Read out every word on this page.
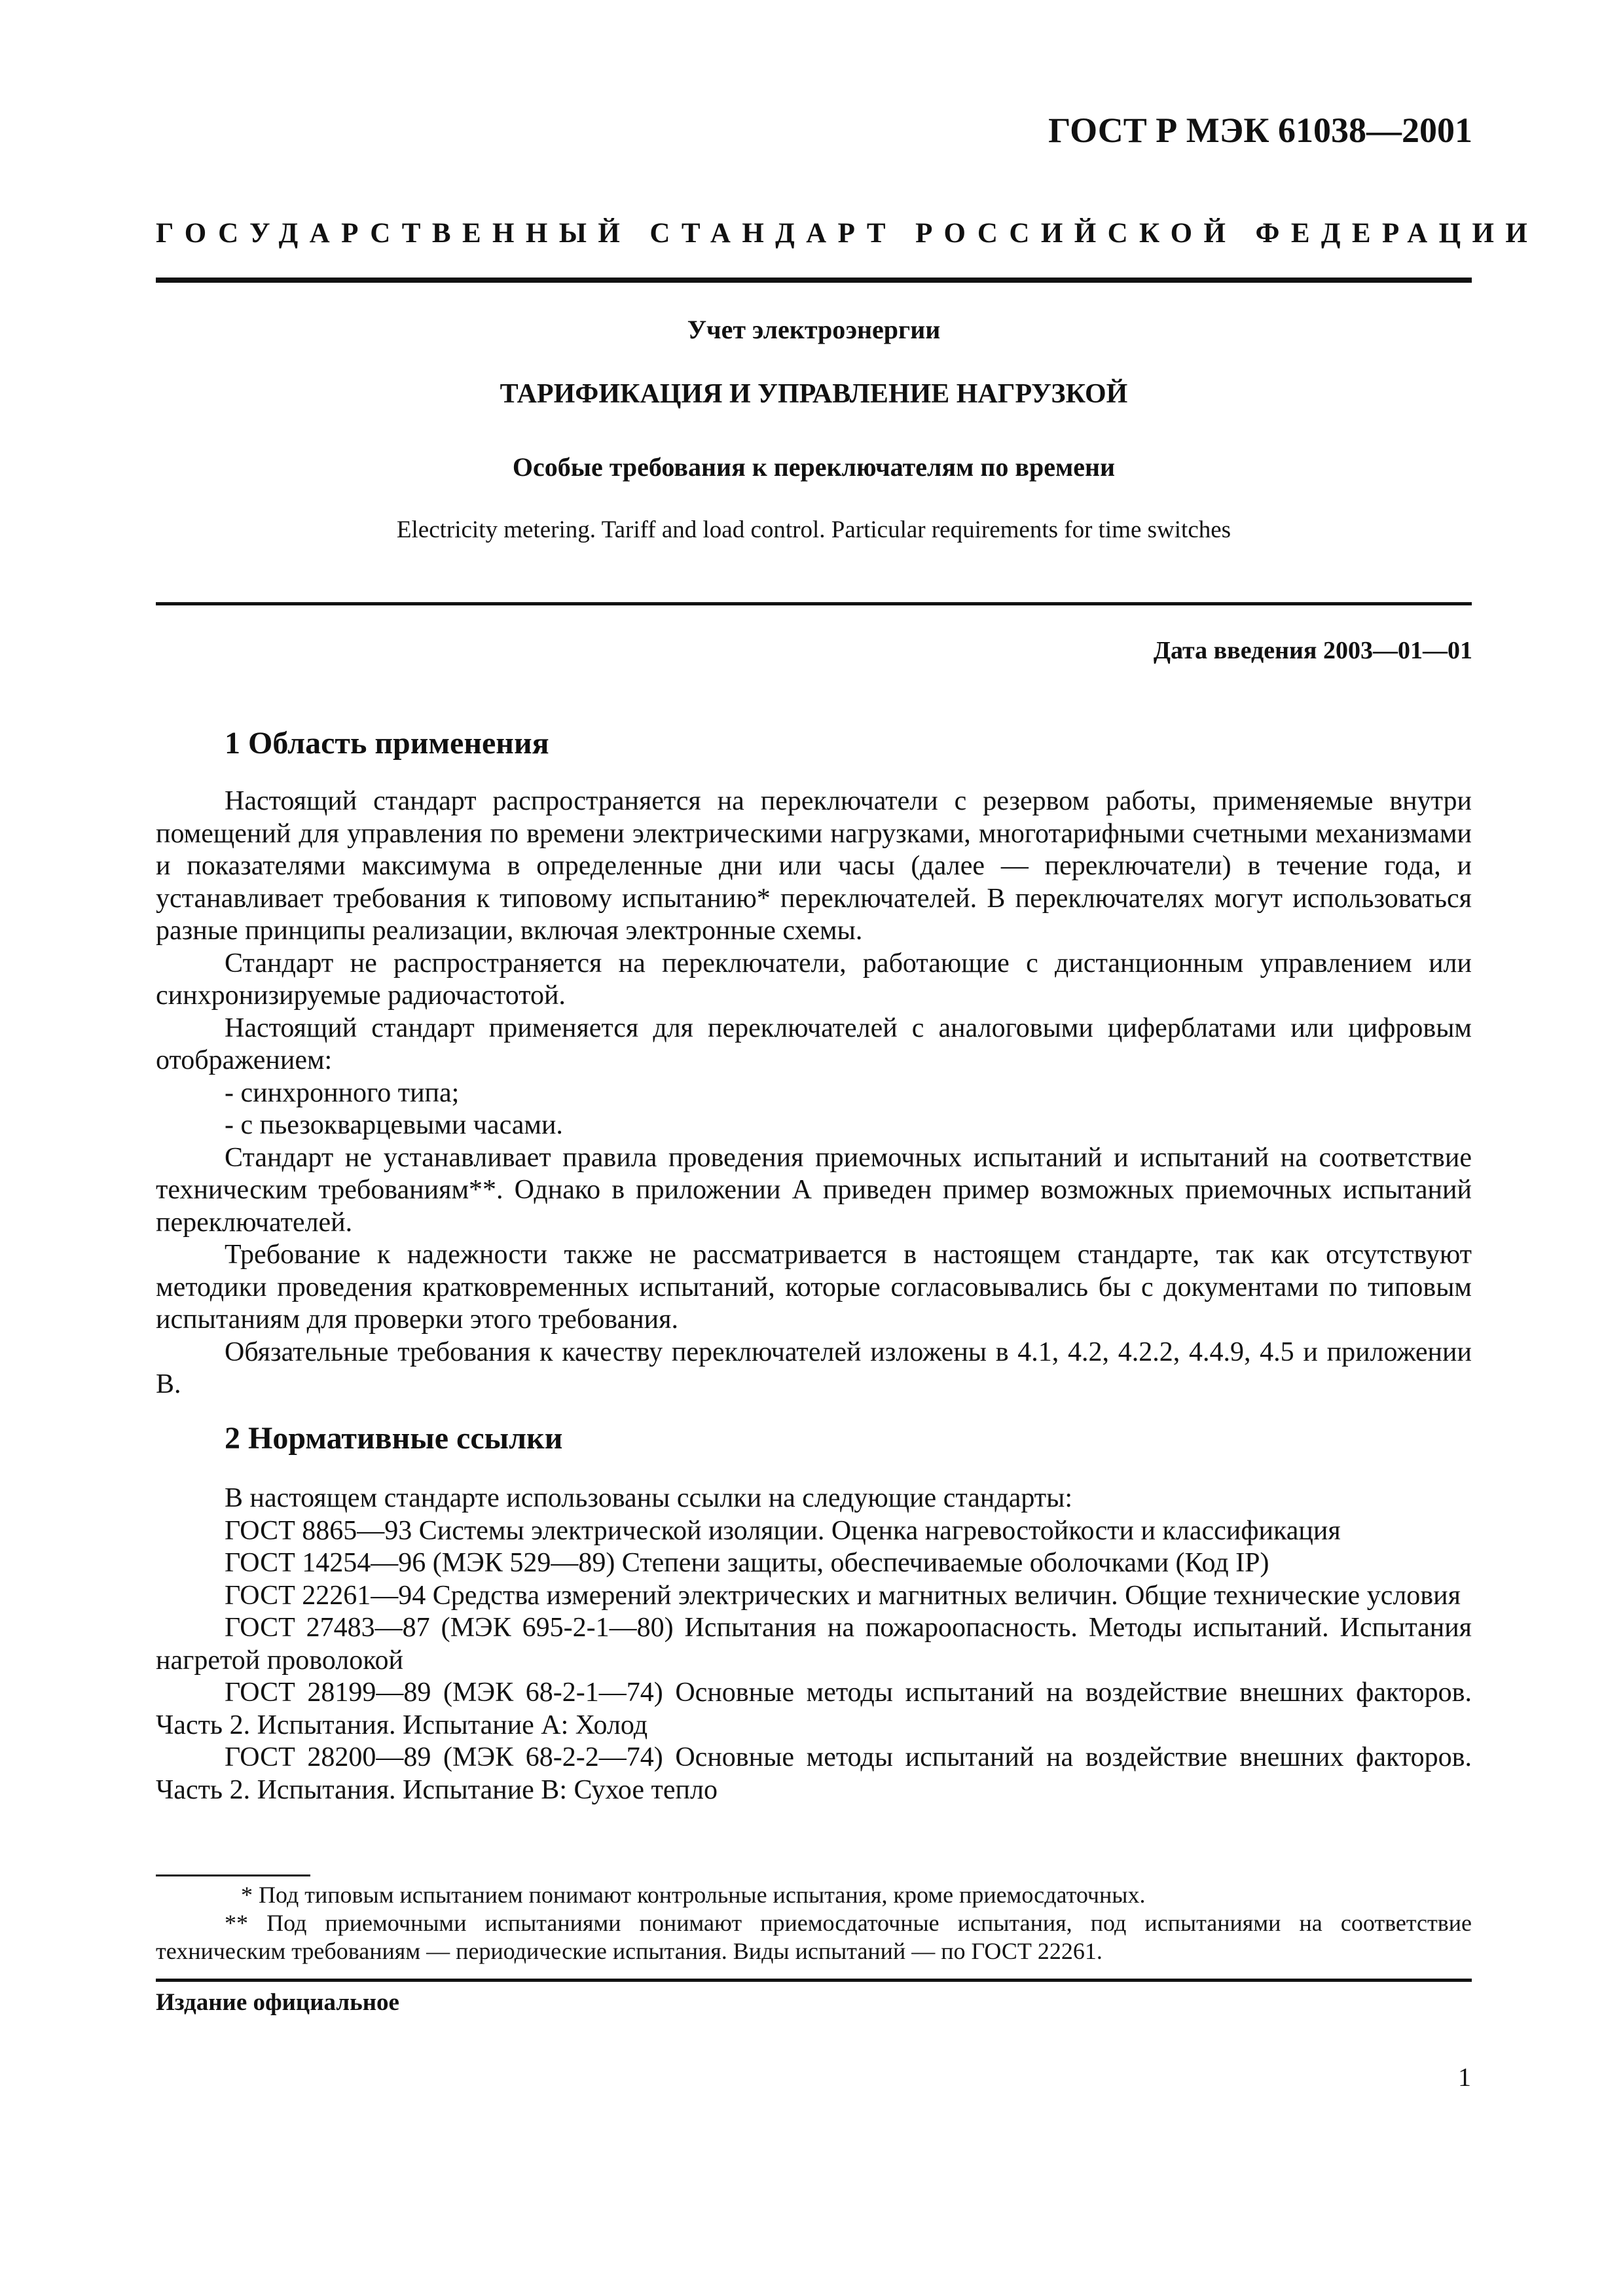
ГОСТ Р МЭК 61038—2001
ГОСУДАРСТВЕННЫЙ СТАНДАРТ РОССИЙСКОЙ ФЕДЕРАЦИИ
Учет электроэнергии
ТАРИФИКАЦИЯ И УПРАВЛЕНИЕ НАГРУЗКОЙ
Особые требования к переключателям по времени
Electricity metering. Tariff and load control. Particular requirements for time switches
Дата введения 2003—01—01
1 Область применения

Настоящий стандарт распространяется на переключатели с резервом работы, применяемые внутри помещений для управления по времени электрическими нагрузками, многотарифными счетными механизмами и показателями максимума в определенные дни или часы (далее — переключатели) в течение года, и устанавливает требования к типовому испытанию* переключателей. В переключателях могут использоваться разные принципы реализации, включая электронные схемы.

Стандарт не распространяется на переключатели, работающие с дистанционным управлением или синхронизируемые радиочастотой.

Настоящий стандарт применяется для переключателей с аналоговыми циферблатами или цифровым отображением:

- синхронного типа;

- с пьезокварцевыми часами.

Стандарт не устанавливает правила проведения приемочных испытаний и испытаний на соответствие техническим требованиям**. Однако в приложении А приведен пример возможных приемочных испытаний переключателей.

Требование к надежности также не рассматривается в настоящем стандарте, так как отсутствуют методики проведения кратковременных испытаний, которые согласовывались бы с документами по типовым испытаниям для проверки этого требования.

Обязательные требования к качеству переключателей изложены в 4.1, 4.2, 4.2.2, 4.4.9, 4.5 и приложении В.

2 Нормативные ссылки

В настоящем стандарте использованы ссылки на следующие стандарты:

ГОСТ 8865—93 Системы электрической изоляции. Оценка нагревостойкости и классификация

ГОСТ 14254—96 (МЭК 529—89) Степени защиты, обеспечиваемые оболочками (Код IP)

ГОСТ 22261—94 Средства измерений электрических и магнитных величин. Общие технические условия

ГОСТ 27483—87 (МЭК 695-2-1—80) Испытания на пожароопасность. Методы испытаний. Испытания нагретой проволокой

ГОСТ 28199—89 (МЭК 68-2-1—74) Основные методы испытаний на воздействие внешних факторов. Часть 2. Испытания. Испытание А: Холод

ГОСТ 28200—89 (МЭК 68-2-2—74) Основные методы испытаний на воздействие внешних факторов. Часть 2. Испытания. Испытание В: Сухое тепло

* Под типовым испытанием понимают контрольные испытания, кроме приемосдаточных.

** Под приемочными испытаниями понимают приемосдаточные испытания, под испытаниями на соответствие техническим требованиям — периодические испытания. Виды испытаний — по ГОСТ 22261.

Издание официальное
1
